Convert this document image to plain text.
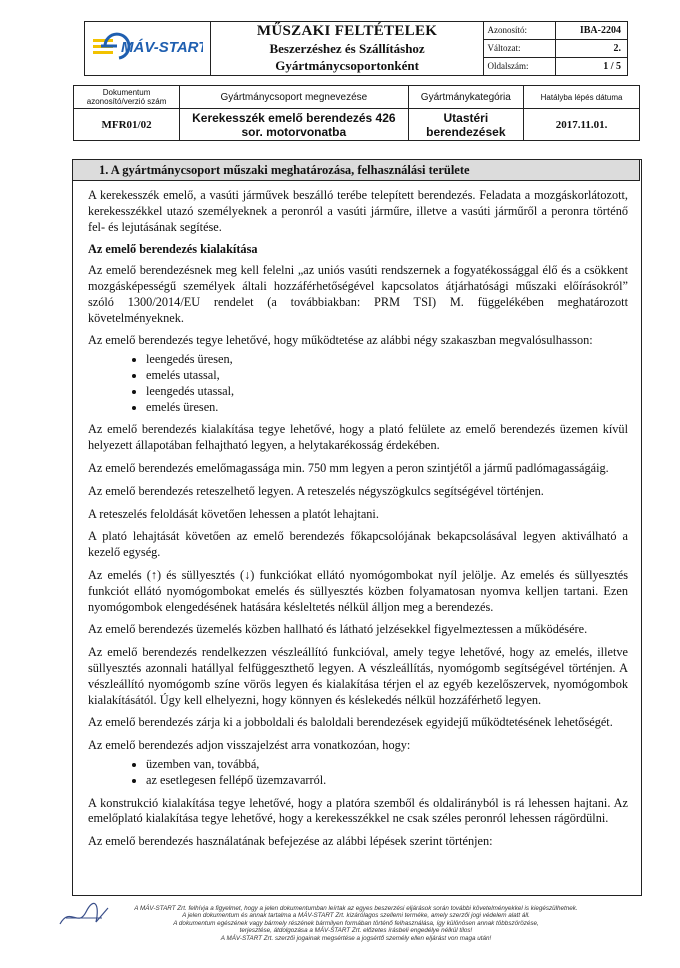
MÁV-START	MŰSZAKI FELTÉTELEK
Beszerzéshez és Szállításhoz
Gyártmánycsoportonként	Azonosító:	IBA-2204
		Változat:	2.
		Oldalszám:	1 / 5
Dokumentum azonosító/verzió szám	Gyártmánycsoport megnevezése	Gyártmánykategória	Hatályba lépés dátuma
MFR01/02	Kerekesszék emelő berendezés 426 sor. motorvonatba	Utastéri berendezések	2017.11.01.
1. A gyártmánycsoport műszaki meghatározása, felhasználási területe

A kerekesszék emelő, a vasúti járművek beszálló terébe telepített berendezés. Feladata a mozgáskorlátozott, kerekesszékkel utazó személyeknek a peronról a vasúti járműre, illetve a vasúti járműről a peronra történő fel- és lejutásának segítése.

Az emelő berendezés kialakítása

Az emelő berendezésnek meg kell felelni „az uniós vasúti rendszernek a fogyatékossággal élő és a csökkent mozgásképességű személyek általi hozzáférhetőségével kapcsolatos átjárhatósági műszaki előírásokról” szóló 1300/2014/EU rendelet (a továbbiakban: PRM TSI) M. függelékében meghatározott követelményeknek.

Az emelő berendezés tegye lehetővé, hogy működtetése az alábbi négy szakaszban megvalósulhasson:

• leengedés üresen,
• emelés utassal,
• leengedés utassal,
• emelés üresen.

Az emelő berendezés kialakítása tegye lehetővé, hogy a plató felülete az emelő berendezés üzemen kívül helyezett állapotában felhajtható legyen, a helytakarékosság érdekében.

Az emelő berendezés emelőmagassága min. 750 mm legyen a peron szintjétől a jármű padlómagasságáig.

Az emelő berendezés reteszelhető legyen. A reteszelés négyszögkulcs segítségével történjen.

A reteszelés feloldását követően lehessen a platót lehajtani.

A plató lehajtását követően az emelő berendezés főkapcsolójának bekapcsolásával legyen aktiválható a kezelő egység.

Az emelés (↑) és süllyesztés (↓) funkciókat ellátó nyomógombokat nyíl jelölje. Az emelés és süllyesztés funkciót ellátó nyomógombokat emelés és süllyesztés közben folyamatosan nyomva kelljen tartani. Ezen nyomógombok elengedésének hatására késleltetés nélkül álljon meg a berendezés.

Az emelő berendezés üzemelés közben hallható és látható jelzésekkel figyelmeztessen a működésére.

Az emelő berendezés rendelkezzen vészleállító funkcióval, amely tegye lehetővé, hogy az emelés, illetve süllyesztés azonnali hatállyal felfüggeszthető legyen. A vészleállítás, nyomógomb segítségével történjen. A vészleállító nyomógomb színe vörös legyen és kialakítása térjen el az egyéb kezelőszervek, nyomógombok kialakításától. Úgy kell elhelyezni, hogy könnyen és késlekedés nélkül hozzáférhető legyen.

Az emelő berendezés zárja ki a jobboldali és baloldali berendezések egyidejű működtetésének lehetőségét.

Az emelő berendezés adjon visszajelzést arra vonatkozóan, hogy:

• üzemben van, továbbá,
• az esetlegesen fellépő üzemzavarról.

A konstrukció kialakítása tegye lehetővé, hogy a platóra szemből és oldalirányból is rá lehessen hajtani. Az emelőplató kialakítása tegye lehetővé, hogy a kerekesszékkel ne csak széles peronról lehessen rágördülni.

Az emelő berendezés használatának befejezése az alábbi lépések szerint történjen:

A MÁV-START Zrt. felhívja a figyelmet, hogy a jelen dokumentumban leírtak az egyes beszerzési eljárások során további követelményekkel is kiegészülhetnek.
A jelen dokumentum és annak tartalma a MÁV-START Zrt. kizárólagos szellemi terméke, amely szerzői jogi védelem alatt áll.
A dokumentum egészének vagy bármely részének bármilyen formában történő felhasználása, így különösen annak többszörözése,
terjesztése, átdolgozása a MÁV-START Zrt. előzetes írásbeli engedélye nélkül tilos!
A MÁV-START Zrt. szerzői jogainak megsértése a jogsértő személy ellen eljárást von maga után!
